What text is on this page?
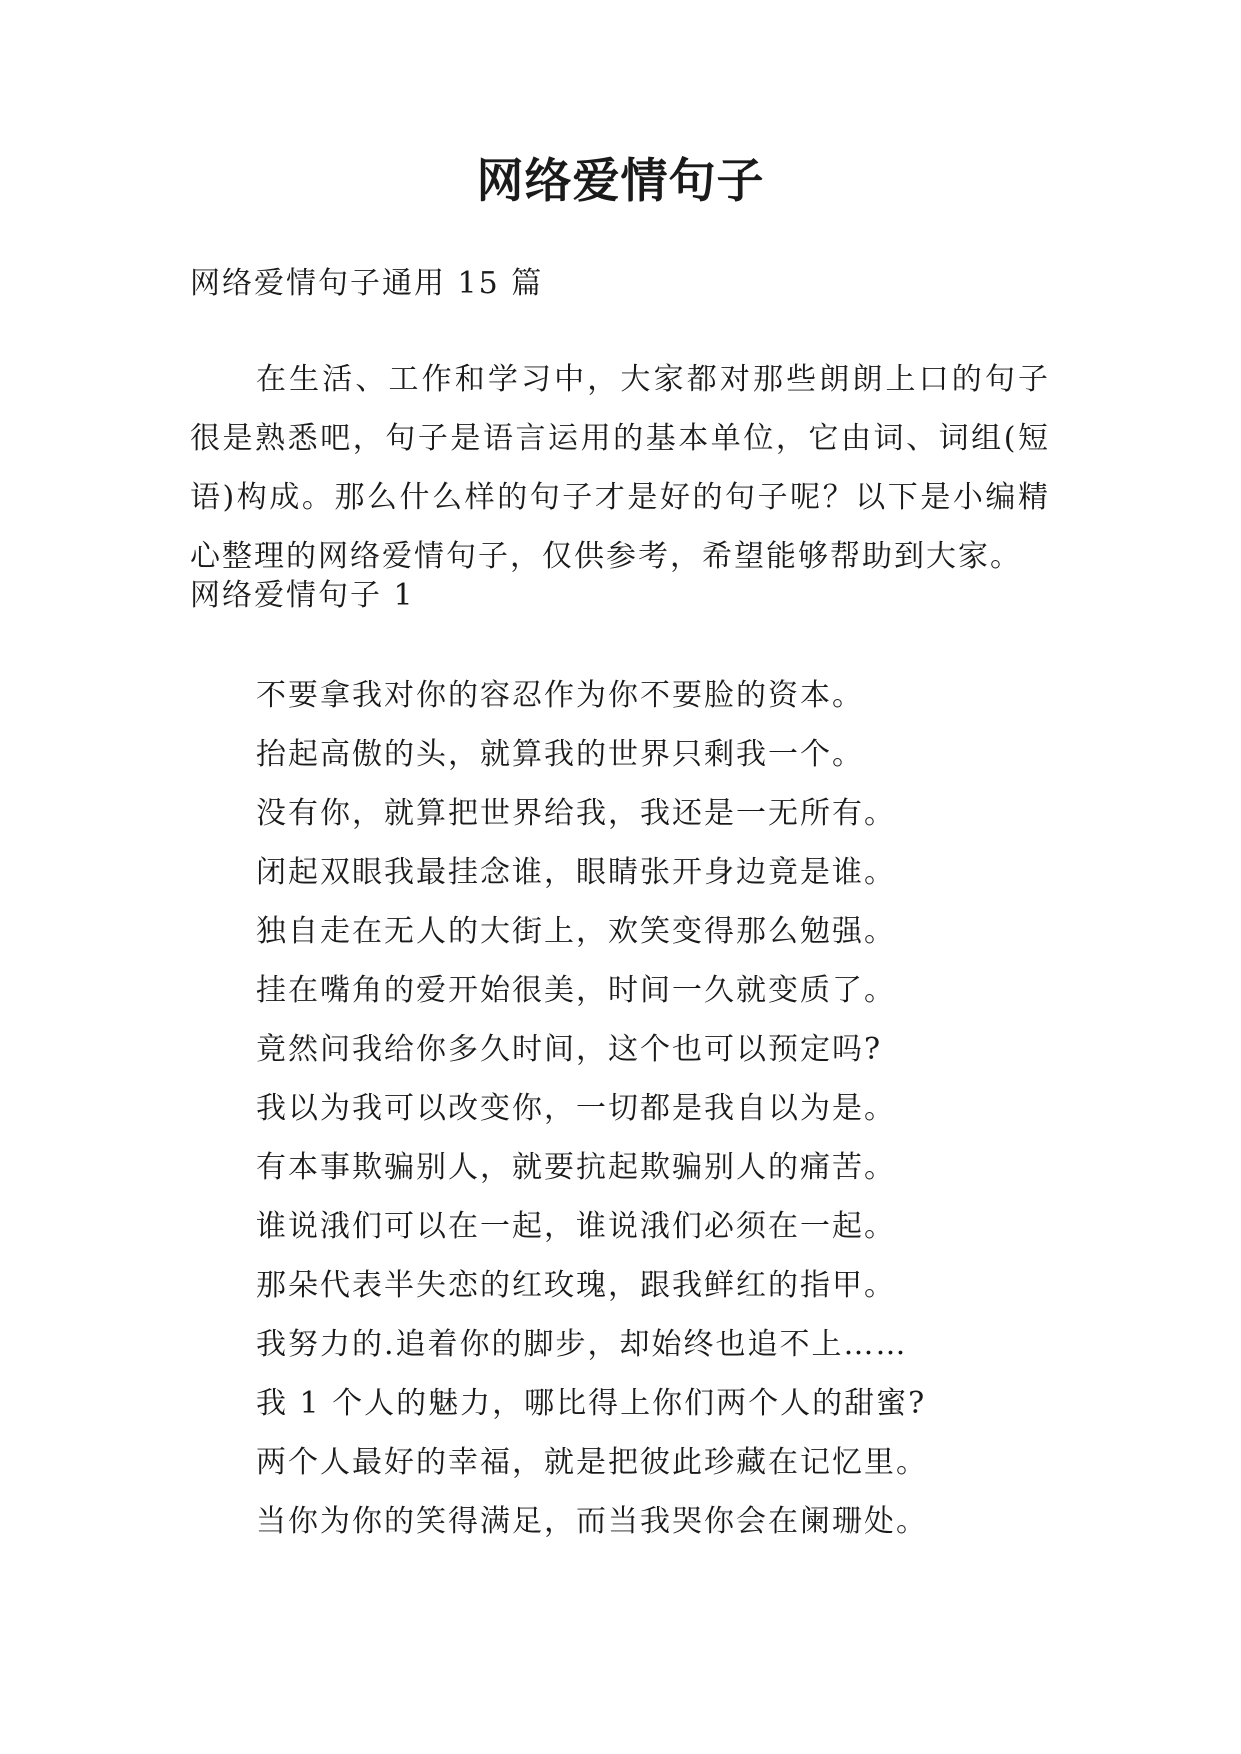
网络爱情句子
网络爱情句子通用 15 篇
在生活、工作和学习中，大家都对那些朗朗上口的句子很是熟悉吧，句子是语言运用的基本单位，它由词、词组(短语)构成。那么什么样的句子才是好的句子呢？以下是小编精心整理的网络爱情句子，仅供参考，希望能够帮助到大家。
网络爱情句子 1
不要拿我对你的容忍作为你不要脸的资本。
抬起高傲的头，就算我的世界只剩我一个。
没有你，就算把世界给我，我还是一无所有。
闭起双眼我最挂念谁，眼睛张开身边竟是谁。
独自走在无人的大街上，欢笑变得那么勉强。
挂在嘴角的爱开始很美，时间一久就变质了。
竟然问我给你多久时间，这个也可以预定吗?
我以为我可以改变你，一切都是我自以为是。
有本事欺骗别人，就要抗起欺骗别人的痛苦。
谁说涐们可以在一起，谁说涐们必须在一起。
那朵代表半失恋的红玫瑰，跟我鲜红的指甲。
我努力的.追着你的脚步，却始终也追不上……
我 1 个人的魅力，哪比得上你们两个人的甜蜜?
两个人最好的幸福，就是把彼此珍藏在记忆里。
当你为你的笑得满足，而当我哭你会在阑珊处。
